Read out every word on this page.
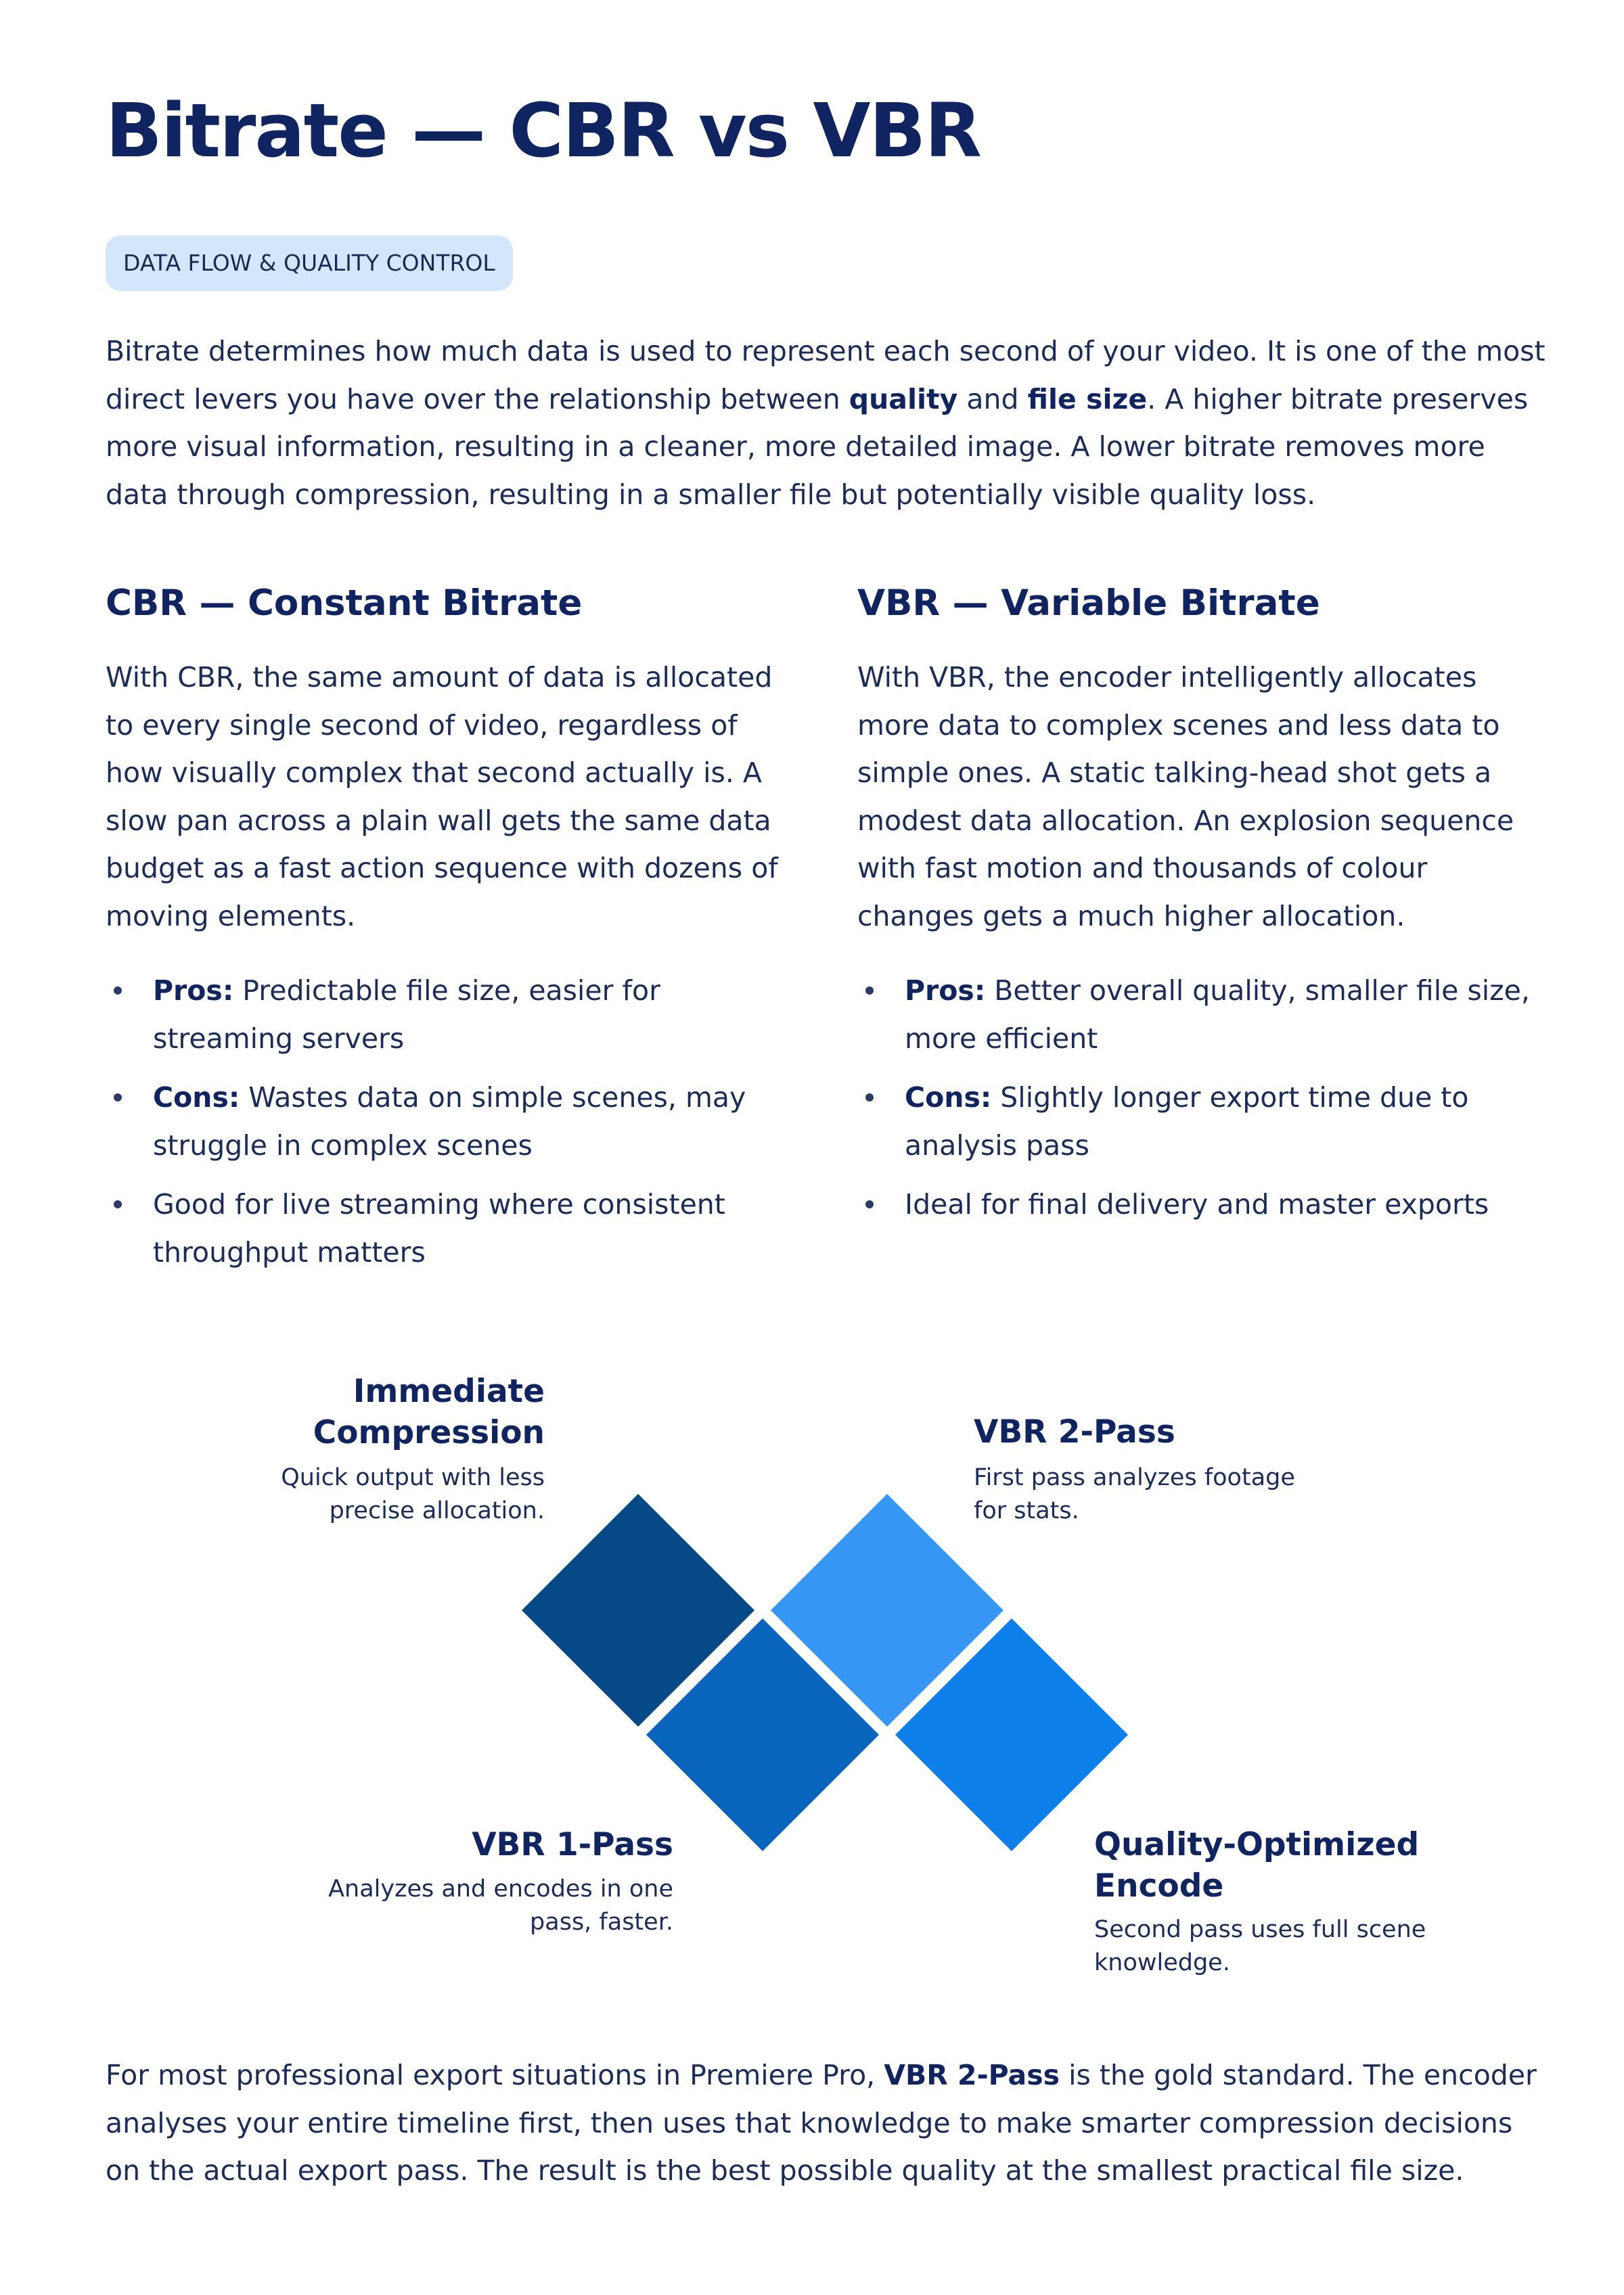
Bitrate — CBR vs VBR
DATA FLOW & QUALITY CONTROL

Bitrate determines how much data is used to represent each second of your video. It is one of the most direct levers you have over the relationship between quality and file size. A higher bitrate preserves more visual information, resulting in a cleaner, more detailed image. A lower bitrate removes more data through compression, resulting in a smaller file but potentially visible quality loss.

CBR — Constant Bitrate

With CBR, the same amount of data is allocated to every single second of video, regardless of how visually complex that second actually is. A slow pan across a plain wall gets the same data budget as a fast action sequence with dozens of moving elements.

Pros: Predictable file size, easier for streaming servers
Cons: Wastes data on simple scenes, may struggle in complex scenes
Good for live streaming where consistent throughput matters
VBR — Variable Bitrate

With VBR, the encoder intelligently allocates more data to complex scenes and less data to simple ones. A static talking-head shot gets a modest data allocation. An explosion sequence with fast motion and thousands of colour changes gets a much higher allocation.

Pros: Better overall quality, smaller file size, more efficient
Cons: Slightly longer export time due to analysis pass
Ideal for final delivery and master exports
Immediate Compression
Quick output with less precise allocation.
VBR 2-Pass
First pass analyzes footage for stats.
VBR 1-Pass
Analyzes and encodes in one pass, faster.
Quality-Optimized Encode
Second pass uses full scene knowledge.

For most professional export situations in Premiere Pro, VBR 2-Pass is the gold standard. The encoder analyses your entire timeline first, then uses that knowledge to make smarter compression decisions on the actual export pass. The result is the best possible quality at the smallest practical file size.
